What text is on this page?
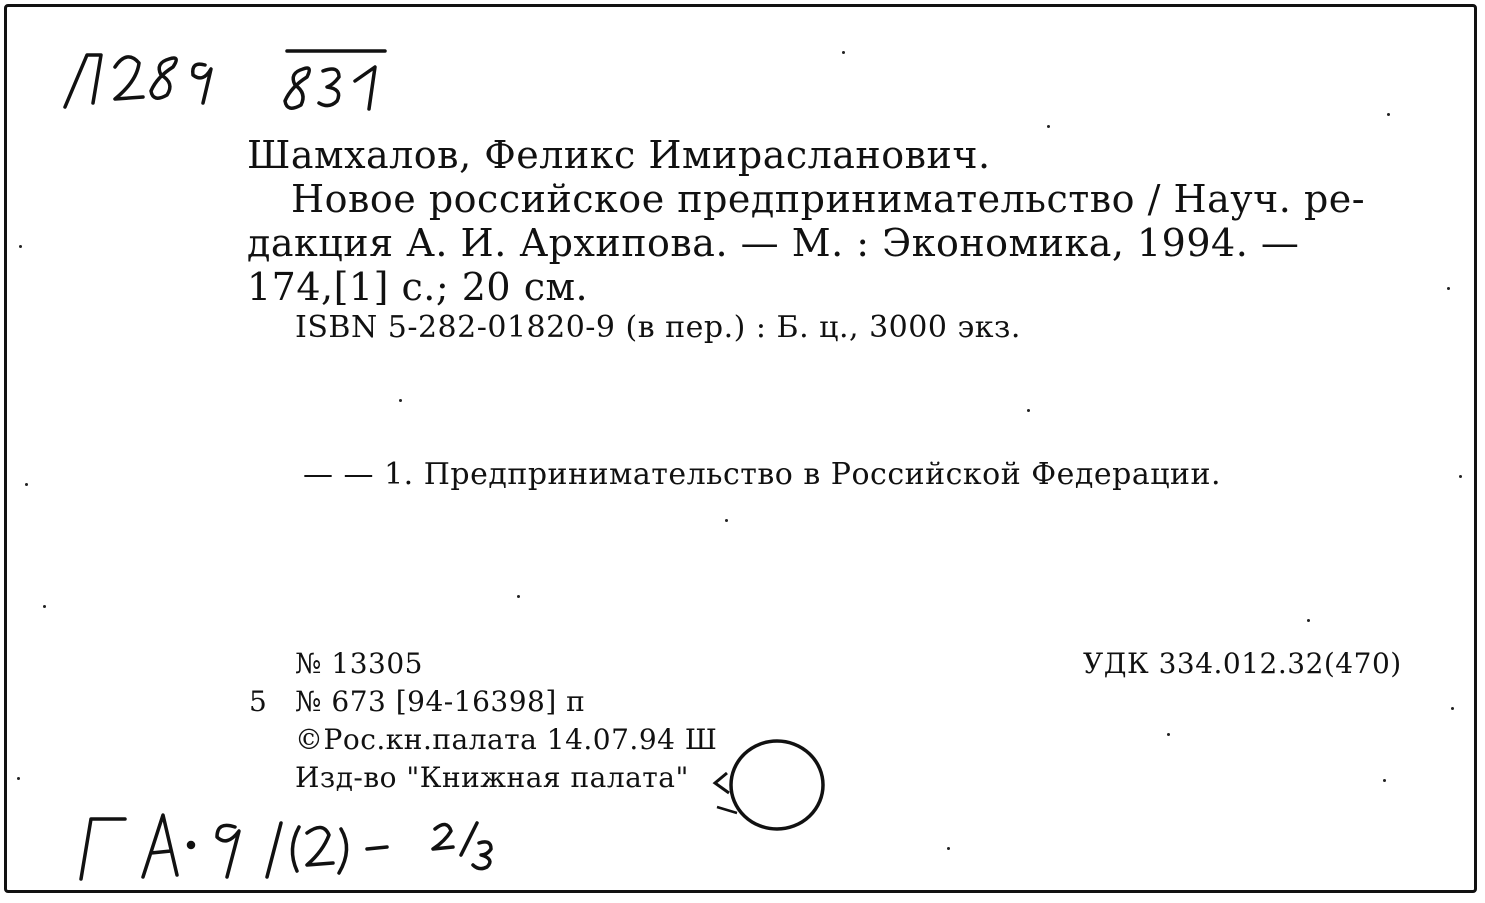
Шамхалов, Феликс Имирасланович.
Новое российское предпринимательство / Науч. ре-
дакция А. И. Архипова. — М. : Экономика, 1994. —
174,[1] с.; 20 см.
ISBN 5-282-01820-9 (в пер.) : Б. ц., 3000 экз.
— — 1. Предпринимательство в Российской Федерации.
№ 13305	УДК 334.012.32(470)
5 № 673 [94-16398] п
©Рос.кн.палата 14.07.94 Ш
Изд-во "Книжная палата"
